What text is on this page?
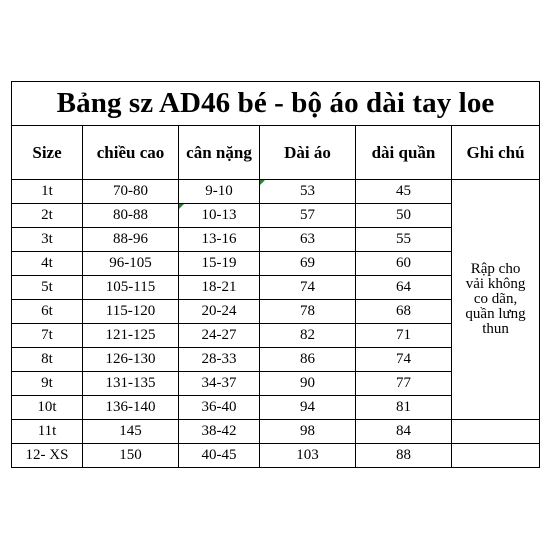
Bảng sz AD46 bé - bộ áo dài tay loe					
Size	chiều cao	cân nặng	Dài áo	dài quần	Ghi chú
1t	70-80	9-10	53	45	Rập cho
vải không
co dãn,
quần lưng
thun

2t	80-88	10-13	57	50	
3t	88-96	13-16	63	55	
4t	96-105	15-19	69	60	
5t	105-115	18-21	74	64	
6t	115-120	20-24	78	68	
7t	121-125	24-27	82	71	
8t	126-130	28-33	86	74	
9t	131-135	34-37	90	77	
10t	136-140	36-40	94	81	
11t	145	38-42	98	84	
12- XS	150	40-45	103	88	
